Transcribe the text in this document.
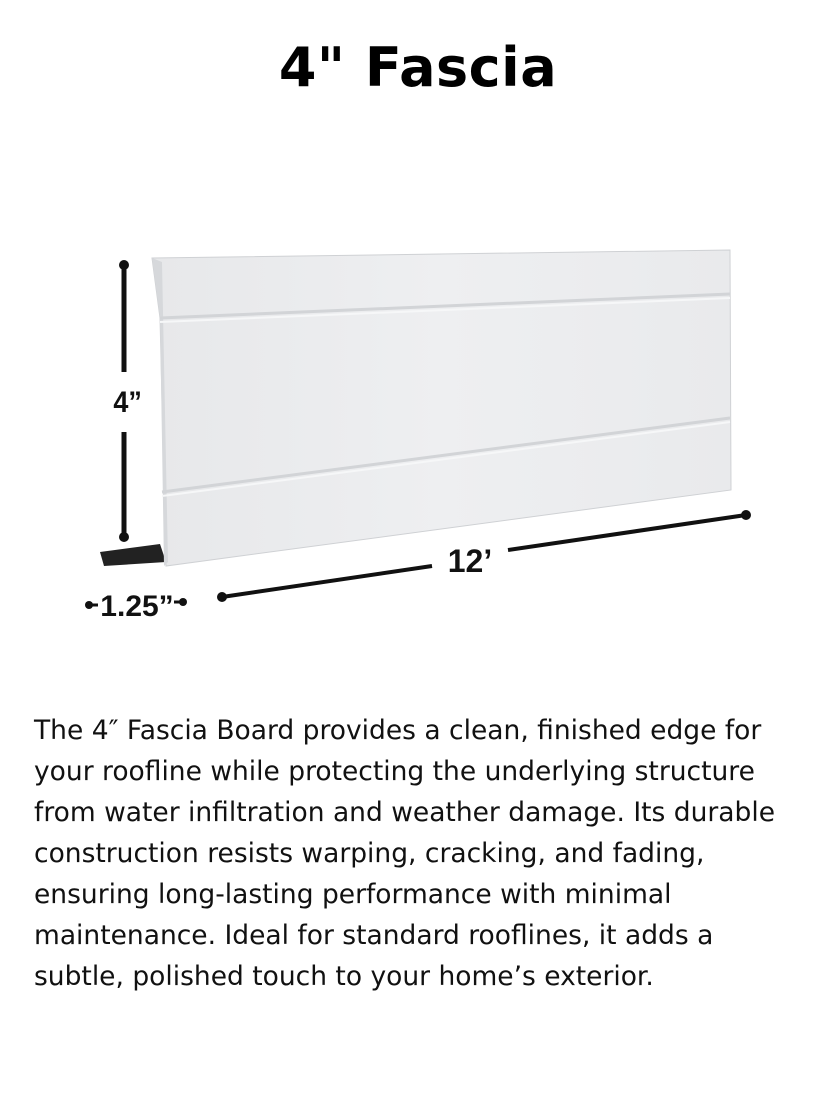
4" Fascia
4”
12’
1.25”

The 4″ Fascia Board provides a clean, finished edge for your roofline while protecting the underlying structure from water infiltration and weather damage. Its durable construction resists warping, cracking, and fading, ensuring long-lasting performance with minimal maintenance. Ideal for standard rooflines, it adds a subtle, polished touch to your home’s exterior.
